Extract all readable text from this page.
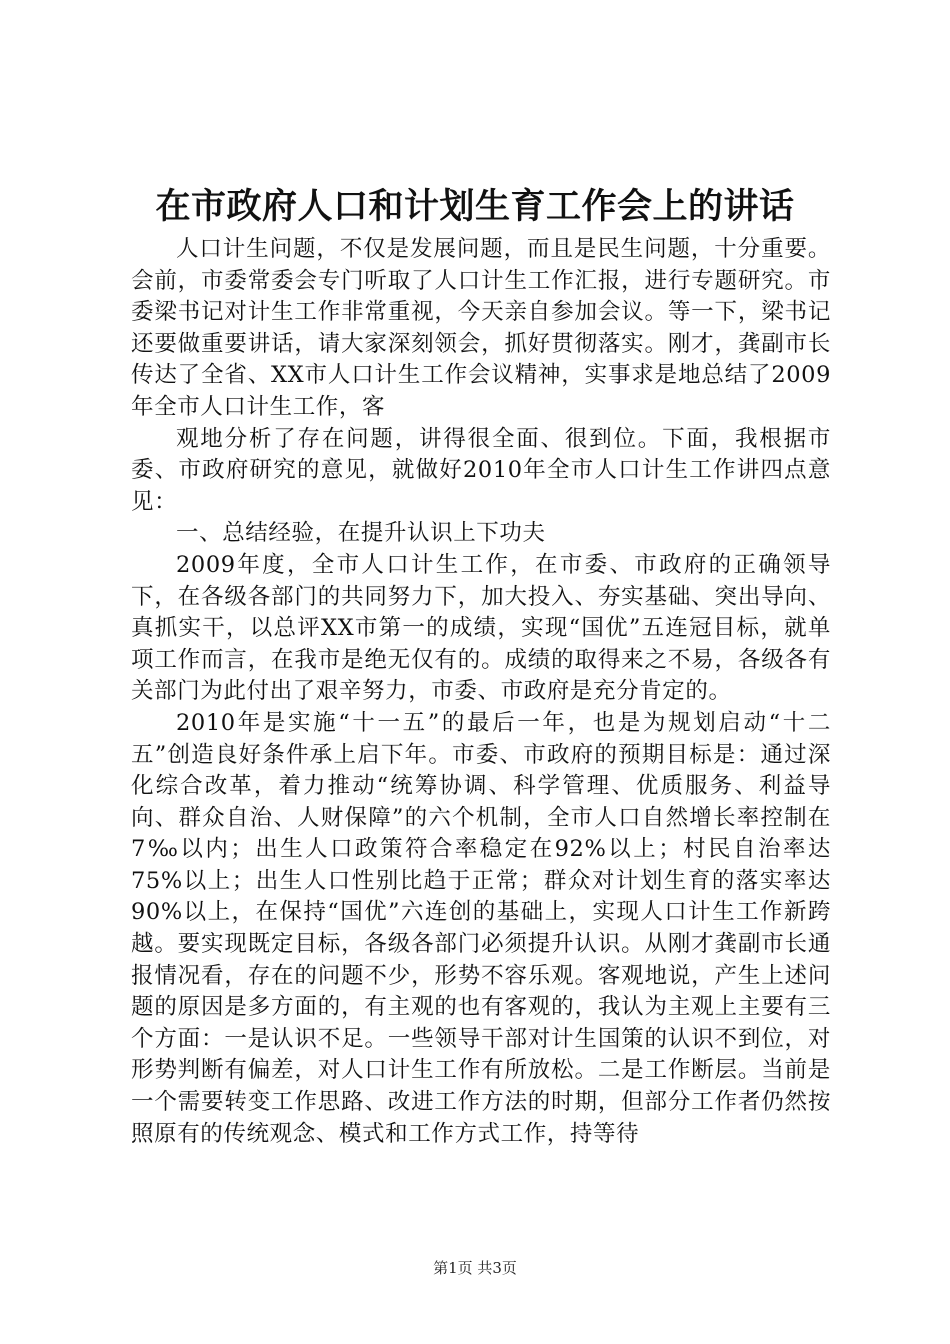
在市政府人口和计划生育工作会上的讲话

人口计生问题，不仅是发展问题，而且是民生问题，十分重要。会前，市委常委会专门听取了人口计生工作汇报，进行专题研究。市委梁书记对计生工作非常重视，今天亲自参加会议。等一下，梁书记还要做重要讲话，请大家深刻领会，抓好贯彻落实。刚才，龚副市长传达了全省、XX市人口计生工作会议精神，实事求是地总结了2009年全市人口计生工作，客

观地分析了存在问题，讲得很全面、很到位。下面，我根据市委、市政府研究的意见，就做好2010年全市人口计生工作讲四点意见：

一、总结经验，在提升认识上下功夫

2009年度，全市人口计生工作，在市委、市政府的正确领导下，在各级各部门的共同努力下，加大投入、夯实基础、突出导向、真抓实干，以总评XX市第一的成绩，实现“国优”五连冠目标，就单项工作而言，在我市是绝无仅有的。成绩的取得来之不易，各级各有关部门为此付出了艰辛努力，市委、市政府是充分肯定的。

2010年是实施“十一五”的最后一年，也是为规划启动“十二五”创造良好条件承上启下年。市委、市政府的预期目标是：通过深化综合改革，着力推动“统筹协调、科学管理、优质服务、利益导向、群众自治、人财保障”的六个机制，全市人口自然增长率控制在7‰以内；出生人口政策符合率稳定在92%以上；村民自治率达75%以上；出生人口性别比趋于正常；群众对计划生育的落实率达90%以上，在保持“国优”六连创的基础上，实现人口计生工作新跨越。要实现既定目标，各级各部门必须提升认识。从刚才龚副市长通报情况看，存在的问题不少，形势不容乐观。客观地说，产生上述问题的原因是多方面的，有主观的也有客观的，我认为主观上主要有三个方面：一是认识不足。一些领导干部对计生国策的认识不到位，对形势判断有偏差，对人口计生工作有所放松。二是工作断层。当前是一个需要转变工作思路、改进工作方法的时期，但部分工作者仍然按照原有的传统观念、模式和工作方式工作，持等待

第1页 共3页
